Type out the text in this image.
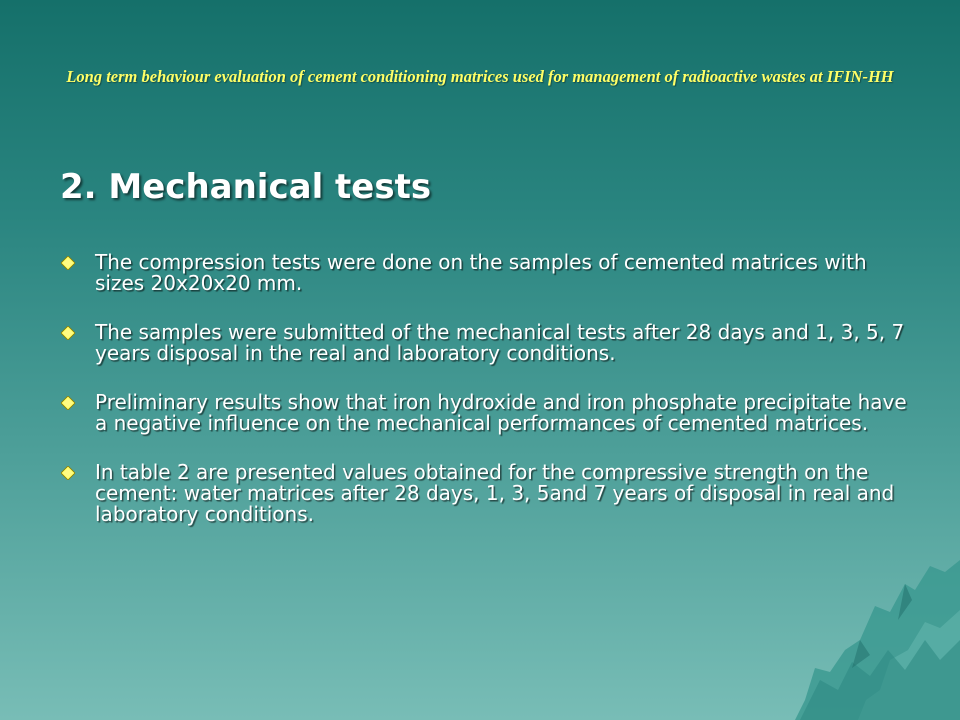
Long term behaviour evaluation of cement conditioning matrices used for management of radioactive wastes at IFIN-HH
2. Mechanical tests
The compression tests were done on the samples of cemented matrices with sizes 20x20x20 mm.
The samples were submitted of the mechanical tests after 28 days and 1, 3, 5, 7 years disposal in the real and laboratory conditions.
Preliminary results show that iron hydroxide and iron phosphate precipitate have a negative influence on the mechanical performances of cemented matrices.
In table 2 are presented values obtained for the compressive strength on the cement: water matrices after 28 days, 1, 3, 5and 7 years of disposal in real and laboratory conditions.
